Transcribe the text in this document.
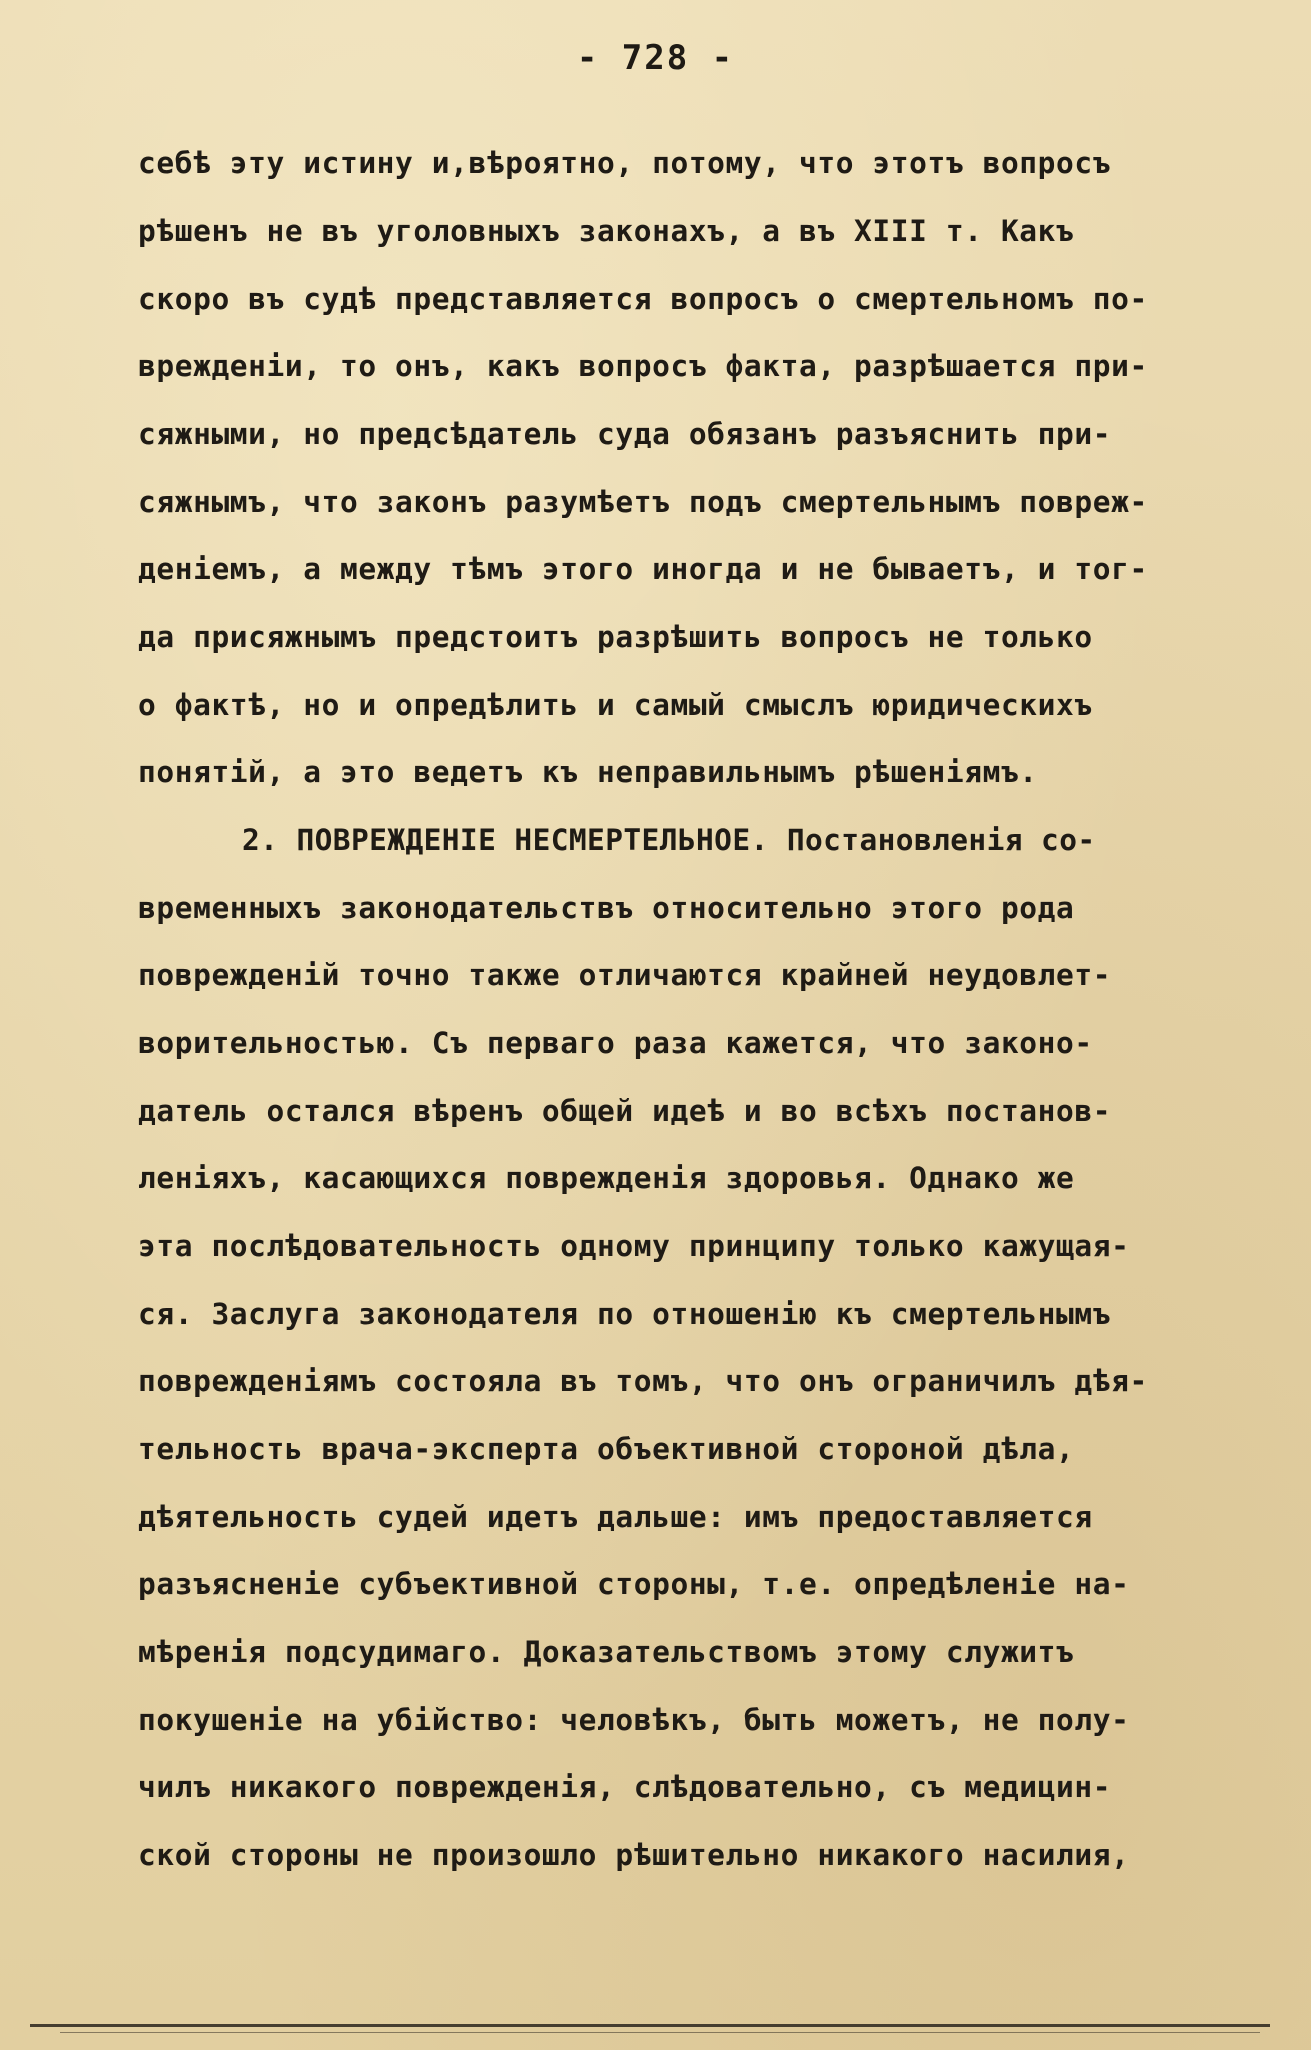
- 728 -
себѣ эту истину и,вѣроятно, потому, что этотъ вопросъ
рѣшенъ не въ уголовныхъ законахъ, а въ XIII т. Какъ
скоро въ судѣ представляется вопросъ о смертельномъ по-
врежденiи, то онъ, какъ вопросъ факта, разрѣшается при-
сяжными, но предсѣдатель суда обязанъ разъяснить при-
сяжнымъ, что законъ разумѣетъ подъ смертельнымъ повреж-
денiемъ, а между тѣмъ этого иногда и не бываетъ, и тог-
да присяжнымъ предстоитъ разрѣшить вопросъ не только
о фактѣ, но и опредѣлить и самый смыслъ юридическихъ
понятiй, а это ведетъ къ неправильнымъ рѣшенiямъ.
2. ПОВРЕЖДЕНIЕ НЕСМЕРТЕЛЬНОЕ. Постановленiя со-
временныхъ законодательствъ относительно этого рода
поврежденiй точно также отличаются крайней неудовлет-
ворительностью. Съ перваго раза кажется, что законо-
датель остался вѣренъ общей идеѣ и во всѣхъ постанов-
ленiяхъ, касающихся поврежденiя здоровья. Однако же
эта послѣдовательность одному принципу только кажущая-
ся. Заслуга законодателя по отношенiю къ смертельнымъ
поврежденiямъ состояла въ томъ, что онъ ограничилъ дѣя-
тельность врача-эксперта объективной стороной дѣла,
дѣятельность судей идетъ дальше: имъ предоставляется
разъясненiе субъективной стороны, т.е. опредѣленiе на-
мѣренiя подсудимаго. Доказательствомъ этому служитъ
покушенiе на убiйство: человѣкъ, быть можетъ, не полу-
чилъ никакого поврежденiя, слѣдовательно, съ медицин-
ской стороны не произошло рѣшительно никакого насилия,
